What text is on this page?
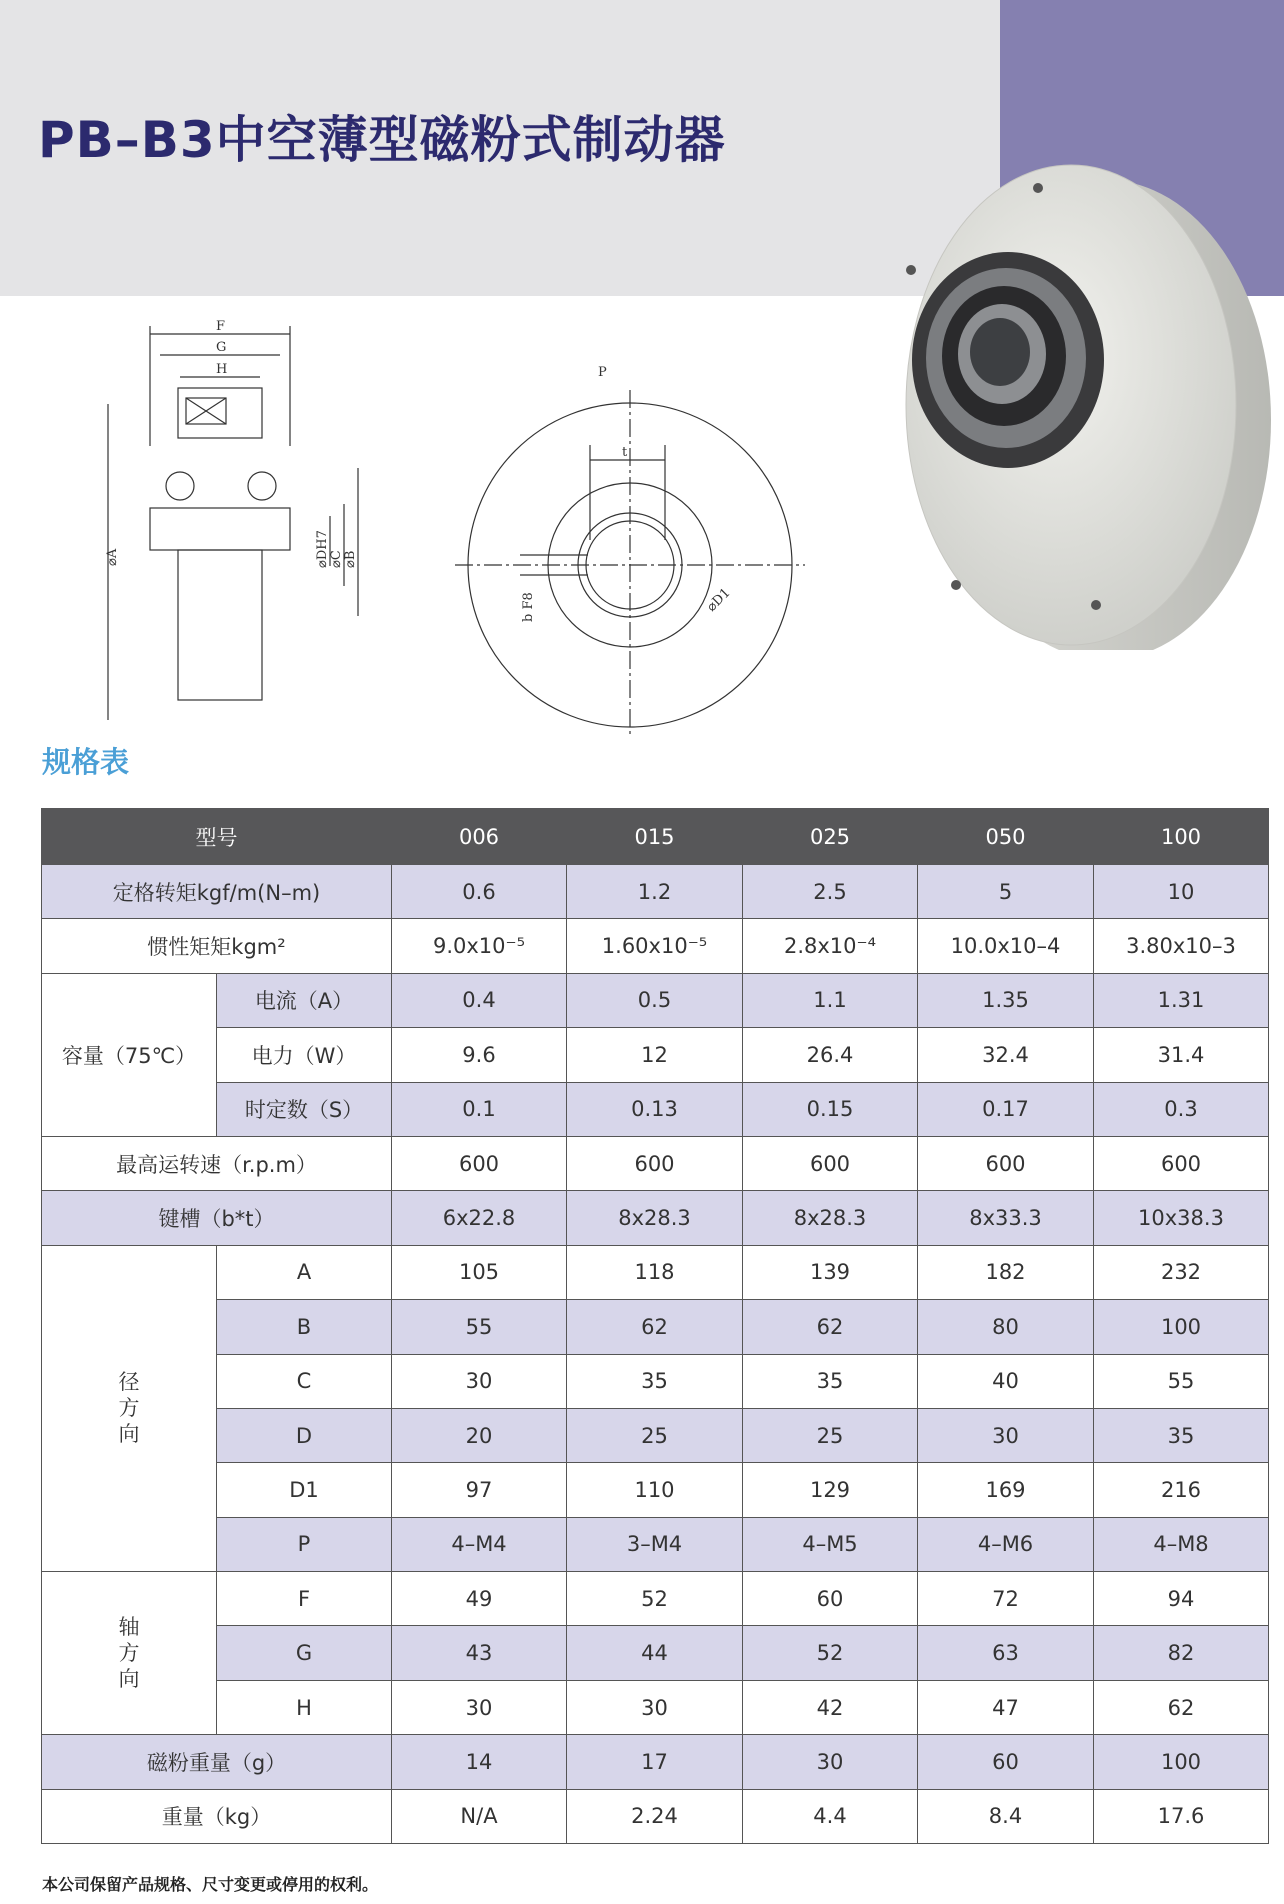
PB–B3中空薄型磁粉式制动器
F
G
H
⌀A	⌀DH7 ⌀C ⌀B
P
t
b F8	⌀D1
规格表
型号		006	015	025	050	100
定格转矩kgf/m(N–m)		0.6	1.2	2.5	5	10
惯性矩矩kgm²		9.0x10⁻⁵	1.60x10⁻⁵	2.8x10⁻⁴	10.0x10–4	3.80x10–3
容量（75℃）	电流（A）	0.4	0.5	1.1	1.35	1.31
	电力（W）	9.6	12	26.4	32.4	31.4
	时定数（S）	0.1	0.13	0.15	0.17	0.3
最高运转速（r.p.m）		600	600	600	600	600
键槽（b*t）		6x22.8	8x28.3	8x28.3	8x33.3	10x38.3
径方向	A	105	118	139	182	232
	B	55	62	62	80	100
	C	30	35	35	40	55
	D	20	25	25	30	35
	D1	97	110	129	169	216
	P	4–M4	3–M4	4–M5	4–M6	4–M8
轴方向	F	49	52	60	72	94
	G	43	44	52	63	82
	H	30	30	42	47	62
磁粉重量（g）		14	17	30	60	100
重量（kg）		N/A	2.24	4.4	8.4	17.6

本公司保留产品规格、尺寸变更或停用的权利。
